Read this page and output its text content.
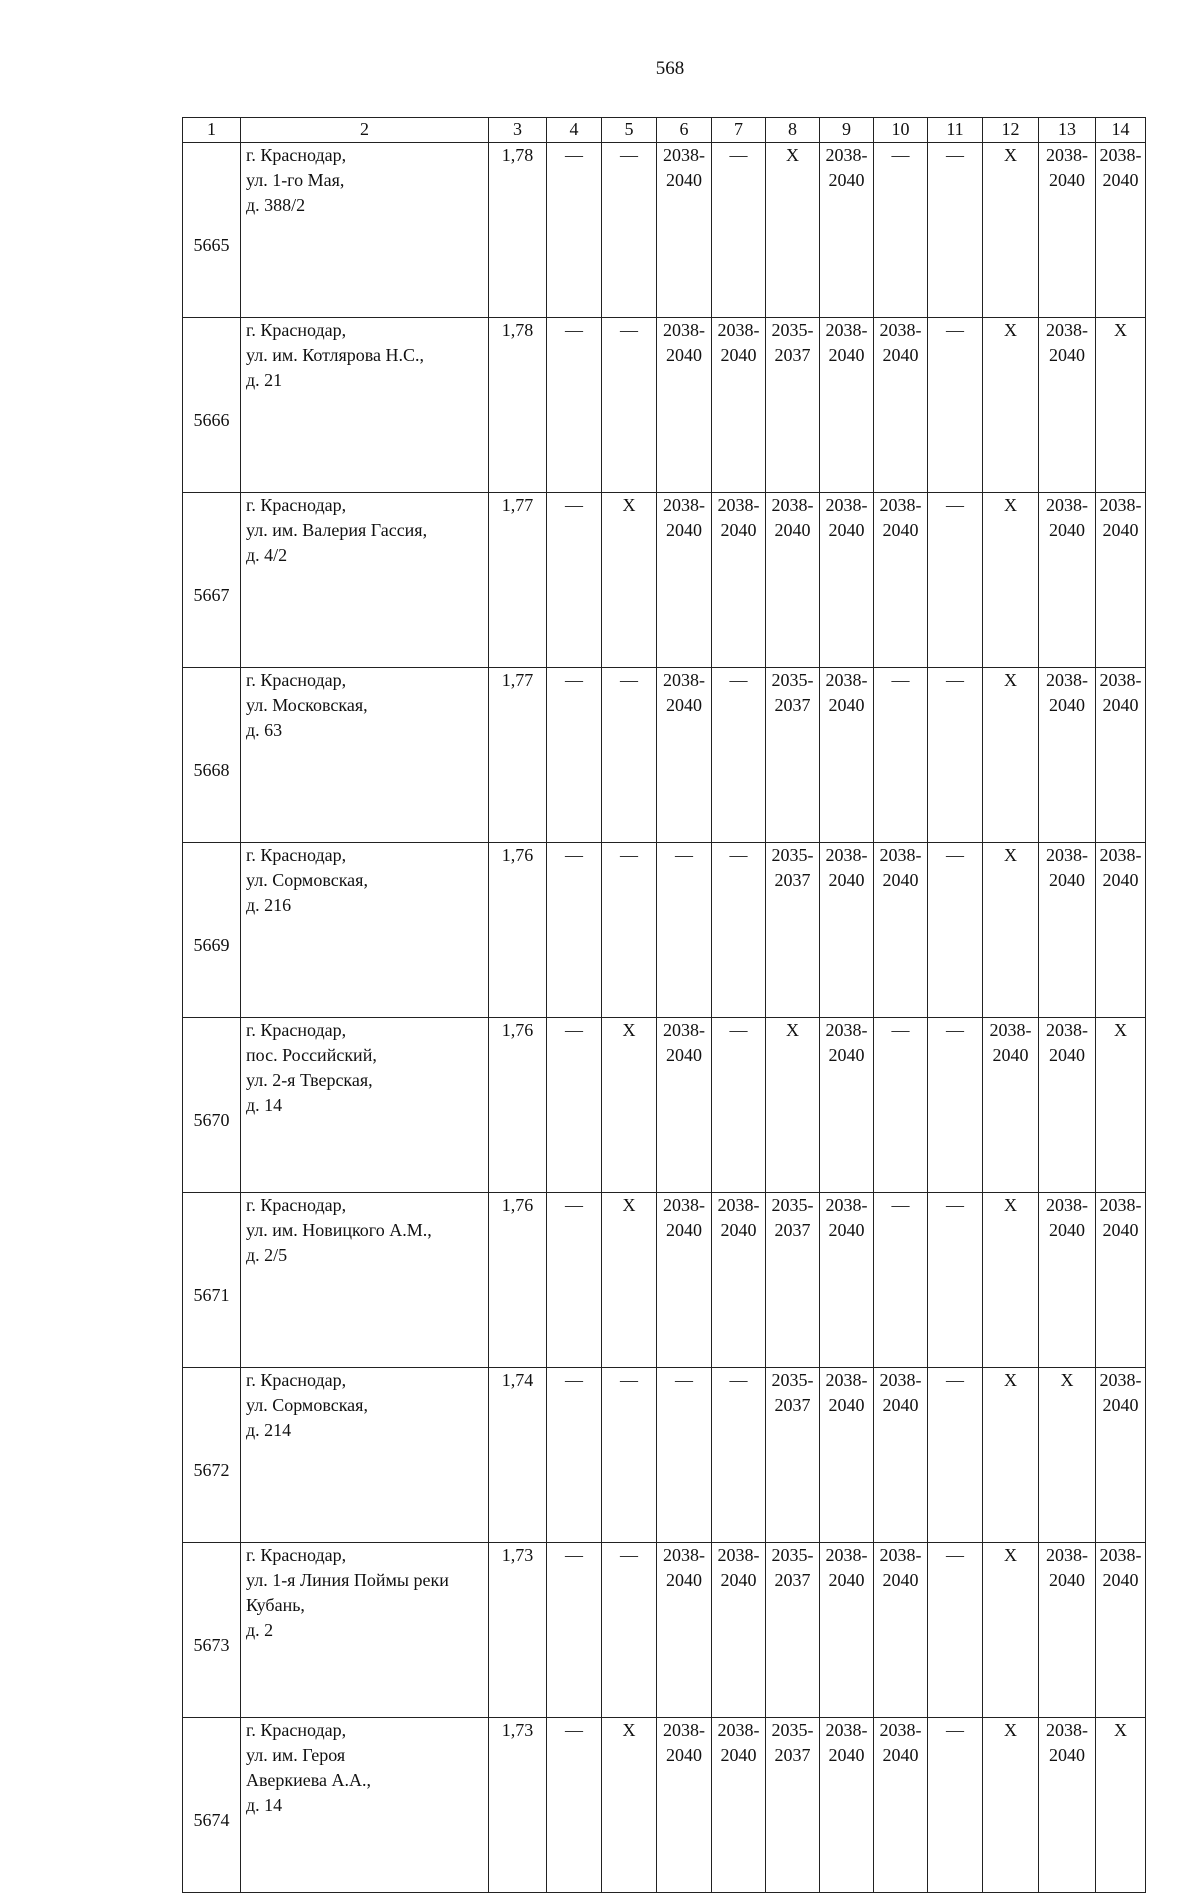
568
1	2	3	4	5	6	7	8	9	10	11	12	13	14
5665	г. Краснодар,
ул. 1-го Мая,
д. 388/2	1,78	—	—	2038-
2040	—	X	2038-
2040	—	—	X	2038-
2040	2038-
2040

5666	г. Краснодар,
ул. им. Котлярова Н.С.,
д. 21	1,78	—	—	2038-
2040	2038-
2040	2035-
2037	2038-
2040	2038-
2040	—	X	2038-
2040	X

5667	г. Краснодар,
ул. им. Валерия Гассия,
д. 4/2	1,77	—	X	2038-
2040	2038-
2040	2038-
2040	2038-
2040	2038-
2040	—	X	2038-
2040	2038-
2040

5668	г. Краснодар,
ул. Московская,
д. 63	1,77	—	—	2038-
2040	—	2035-
2037	2038-
2040	—	—	X	2038-
2040	2038-
2040

5669	г. Краснодар,
ул. Сормовская,
д. 216	1,76	—	—	—	—	2035-
2037	2038-
2040	2038-
2040	—	X	2038-
2040	2038-
2040

5670	г. Краснодар,
пос. Российский,
ул. 2-я Тверская,
д. 14	1,76	—	X	2038-
2040	—	X	2038-
2040	—	—	2038-
2040	2038-
2040	X

5671	г. Краснодар,
ул. им. Новицкого А.М.,
д. 2/5	1,76	—	X	2038-
2040	2038-
2040	2035-
2037	2038-
2040	—	—	X	2038-
2040	2038-
2040

5672	г. Краснодар,
ул. Сормовская,
д. 214	1,74	—	—	—	—	2035-
2037	2038-
2040	2038-
2040	—	X	X	2038-
2040

5673	г. Краснодар,
ул. 1-я Линия Поймы реки
Кубань,
д. 2	1,73	—	—	2038-
2040	2038-
2040	2035-
2037	2038-
2040	2038-
2040	—	X	2038-
2040	2038-
2040

5674	г. Краснодар,
ул. им. Героя
Аверкиева А.А.,
д. 14	1,73	—	X	2038-
2040	2038-
2040	2035-
2037	2038-
2040	2038-
2040	—	X	2038-
2040	X
